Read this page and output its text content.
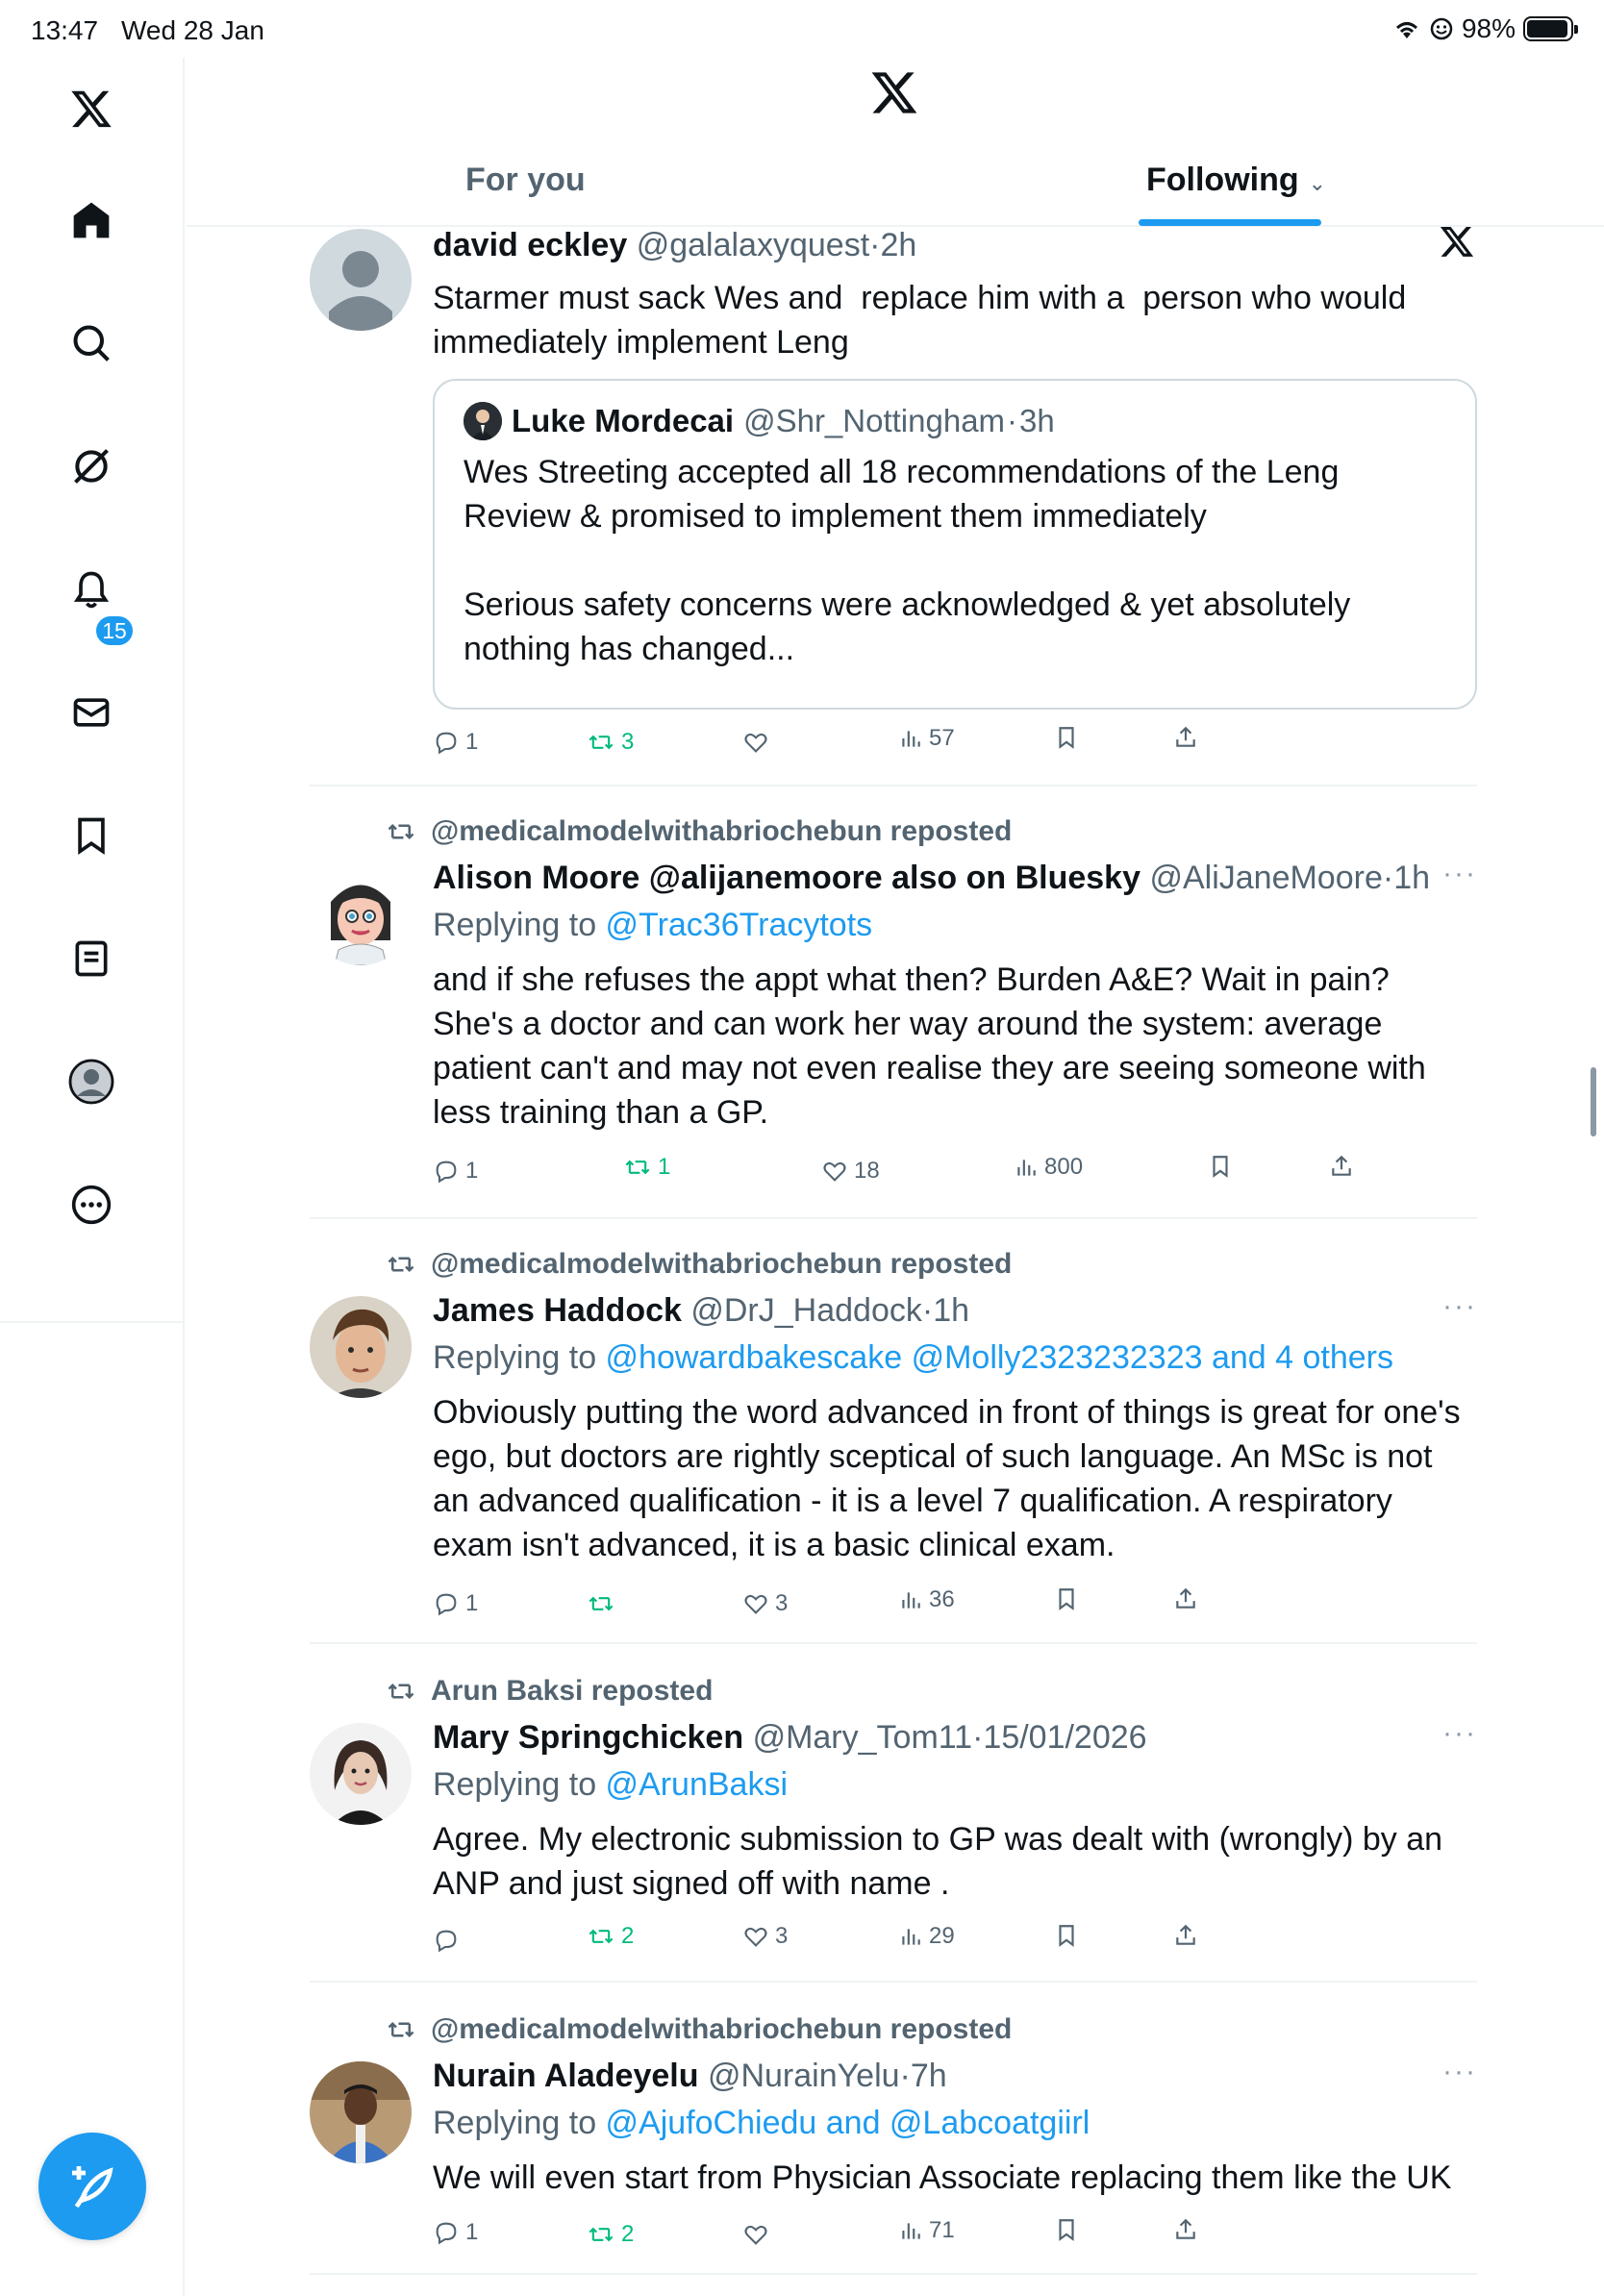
13:47 Wed 28 Jan	98%
15
For you	Following ⌄
david eckley @galalaxyquest·2h
Starmer must sack Wes and  replace him with a  person who would immediately implement Leng
Luke Mordecai @Shr_Nottingham · 3h
Wes Streeting accepted all 18 recommendations of the Leng Review & promised to implement them immediately

Serious safety concerns were acknowledged & yet absolutely nothing has changed...
1	3	57
@medicalmodelwithabriochebun reposted
···
Alison Moore @alijanemoore also on Bluesky @AliJaneMoore·1h
Replying to @Trac36Tracytots
and if she refuses the appt what then? Burden A&E? Wait in pain? She's a doctor and can work her way around the system: average patient can't and may not even realise they are seeing someone with less training than a GP.
1	1	18	800
@medicalmodelwithabriochebun reposted
···
James Haddock @DrJ_Haddock·1h
Replying to @howardbakescake @Molly2323232323 and 4 others
Obviously putting the word advanced in front of things is great for one's ego, but doctors are rightly sceptical of such language. An MSc is not an advanced qualification - it is a level 7 qualification. A respiratory exam isn't advanced, it is a basic clinical exam.
1	3	36
Arun Baksi reposted
···
Mary Springchicken @Mary_Tom11·15/01/2026
Replying to @ArunBaksi
Agree. My electronic submission to GP was dealt with (wrongly) by an ANP and just signed off with name .
2	3	29
@medicalmodelwithabriochebun reposted
···
Nurain Aladeyelu @NurainYelu·7h
Replying to @AjufoChiedu and @Labcoatgiirl
We will even start from Physician Associate replacing them like the UK
1	2	71
